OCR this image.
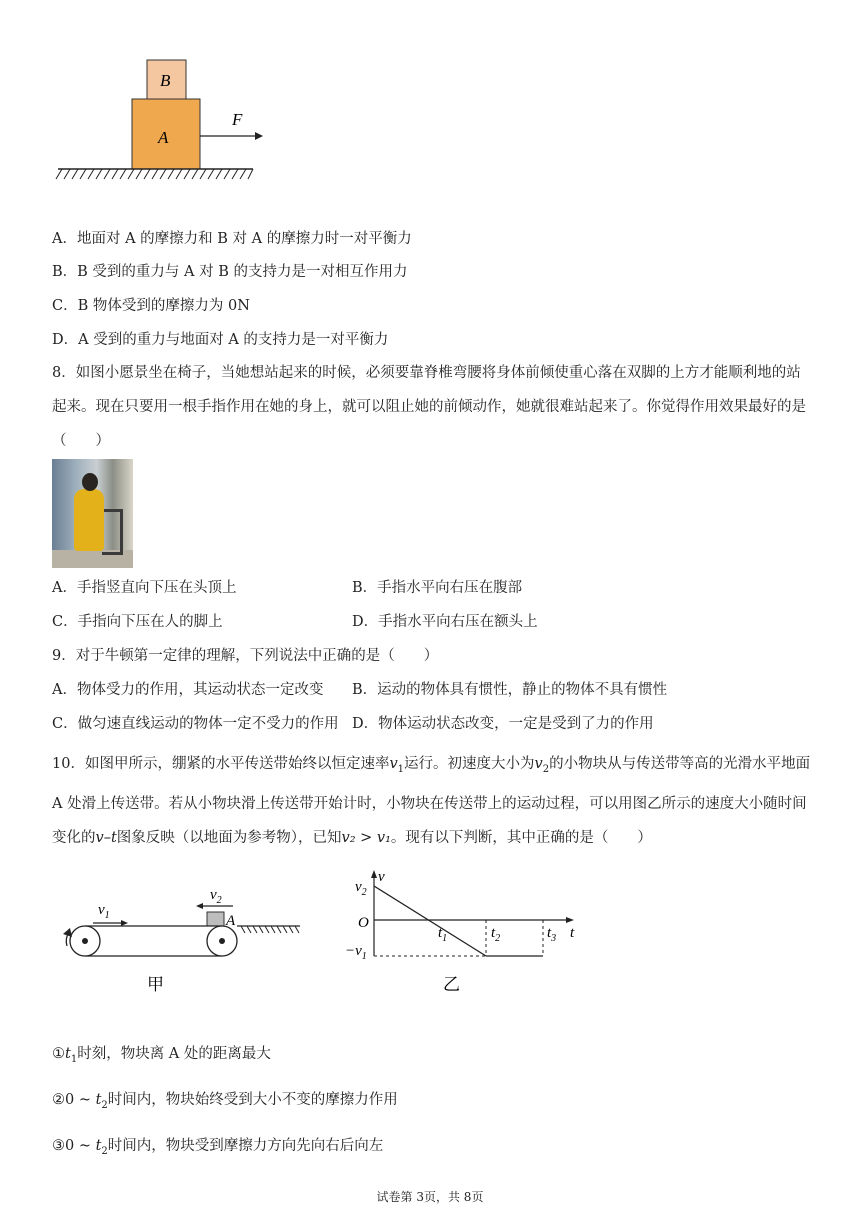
B
A
F
A．地面对 A 的摩擦力和 B 对 A 的摩擦力时一对平衡力
B．B 受到的重力与 A 对 B 的支持力是一对相互作用力
C．B 物体受到的摩擦力为 0N
D．A 受到的重力与地面对 A 的支持力是一对平衡力
8．如图小愿景坐在椅子，当她想站起来的时候，必须要靠脊椎弯腰将身体前倾使重心落在双脚的上方才能顺利地的站起来。现在只要用一根手指作用在她的身上，就可以阻止她的前倾动作，她就很难站起来了。你觉得作用效果最好的是 （　　）
A．手指竖直向下压在头顶上	B．手指水平向右压在腹部
C．手指向下压在人的脚上	D．手指水平向右压在额头上
9．对于牛顿第一定律的理解，下列说法中正确的是（　　）
A．物体受力的作用，其运动状态一定改变 B．运动的物体具有惯性，静止的物体不具有惯性
C．做匀速直线运动的物体一定不受力的作用 D．物体运动状态改变，一定是受到了力的作用
10．如图甲所示，绷紧的水平传送带始终以恒定速率$v_1$运行。初速度大小为$v_2$的小物块从与传送带等高的光滑水平地面 A 处滑上传送带。若从小物块滑上传送带开始计时，小物块在传送带上的运动过程，可以用图乙所示的速度大小随时间变化的v–t图象反映（以地面为参考物），已知v₂ > v₁。现有以下判断，其中正确的是（　　）
$v_1$
$v_2$
A
甲
v
$v_2$
O
$-v_1$
t
$t_1$	$t_2$	$t_3$
乙
$①t_1$时刻，物块离 A 处的距离最大
②0 ~ $t_2$时间内，物块始终受到大小不变的摩擦力作用
③0 ~ $t_2$时间内，物块受到摩擦力方向先向右后向左
试卷第 3页，共 8页
